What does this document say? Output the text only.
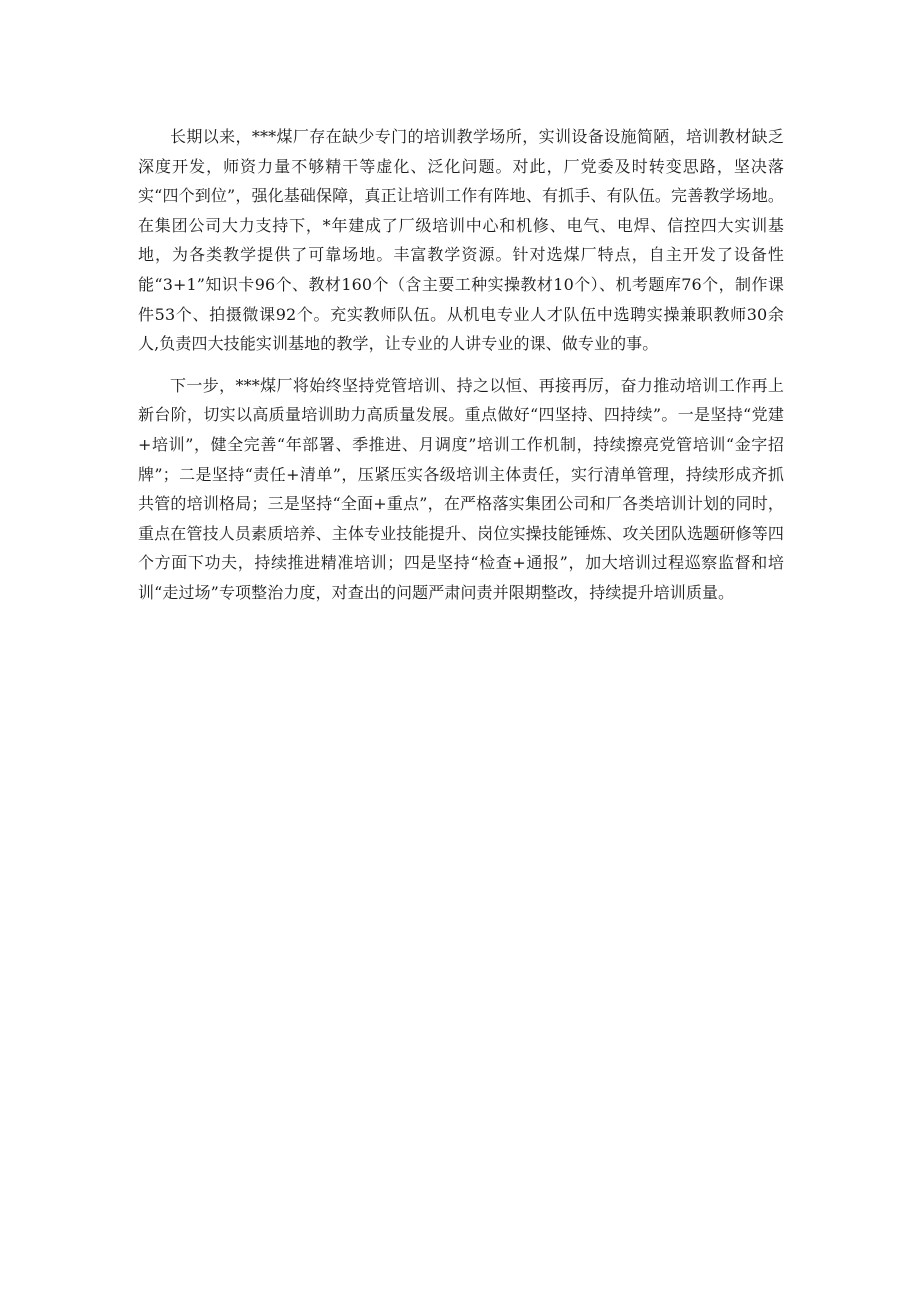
长期以来，***煤厂存在缺少专门的培训教学场所，实训设备设施简陋，培训教材缺乏深度开发，师资力量不够精干等虚化、泛化问题。对此，厂党委及时转变思路，坚决落实“四个到位”，强化基础保障，真正让培训工作有阵地、有抓手、有队伍。完善教学场地。在集团公司大力支持下，*年建成了厂级培训中心和机修、电气、电焊、信控四大实训基地，为各类教学提供了可靠场地。丰富教学资源。针对选煤厂特点，自主开发了设备性能“3+1”知识卡96个、教材160个（含主要工种实操教材10个）、机考题库76个，制作课件53个、拍摄微课92个。充实教师队伍。从机电专业人才队伍中选聘实操兼职教师30余人,负责四大技能实训基地的教学，让专业的人讲专业的课、做专业的事。

下一步，***煤厂将始终坚持党管培训、持之以恒、再接再厉，奋力推动培训工作再上新台阶，切实以高质量培训助力高质量发展。重点做好“四坚持、四持续”。一是坚持“党建+培训”，健全完善“年部署、季推进、月调度”培训工作机制，持续擦亮党管培训“金字招牌”；二是坚持“责任+清单”，压紧压实各级培训主体责任，实行清单管理，持续形成齐抓共管的培训格局；三是坚持“全面+重点”，在严格落实集团公司和厂各类培训计划的同时，重点在管技人员素质培养、主体专业技能提升、岗位实操技能锤炼、攻关团队选题研修等四个方面下功夫，持续推进精准培训；四是坚持“检查+通报”，加大培训过程巡察监督和培训“走过场”专项整治力度，对查出的问题严肃问责并限期整改，持续提升培训质量。
